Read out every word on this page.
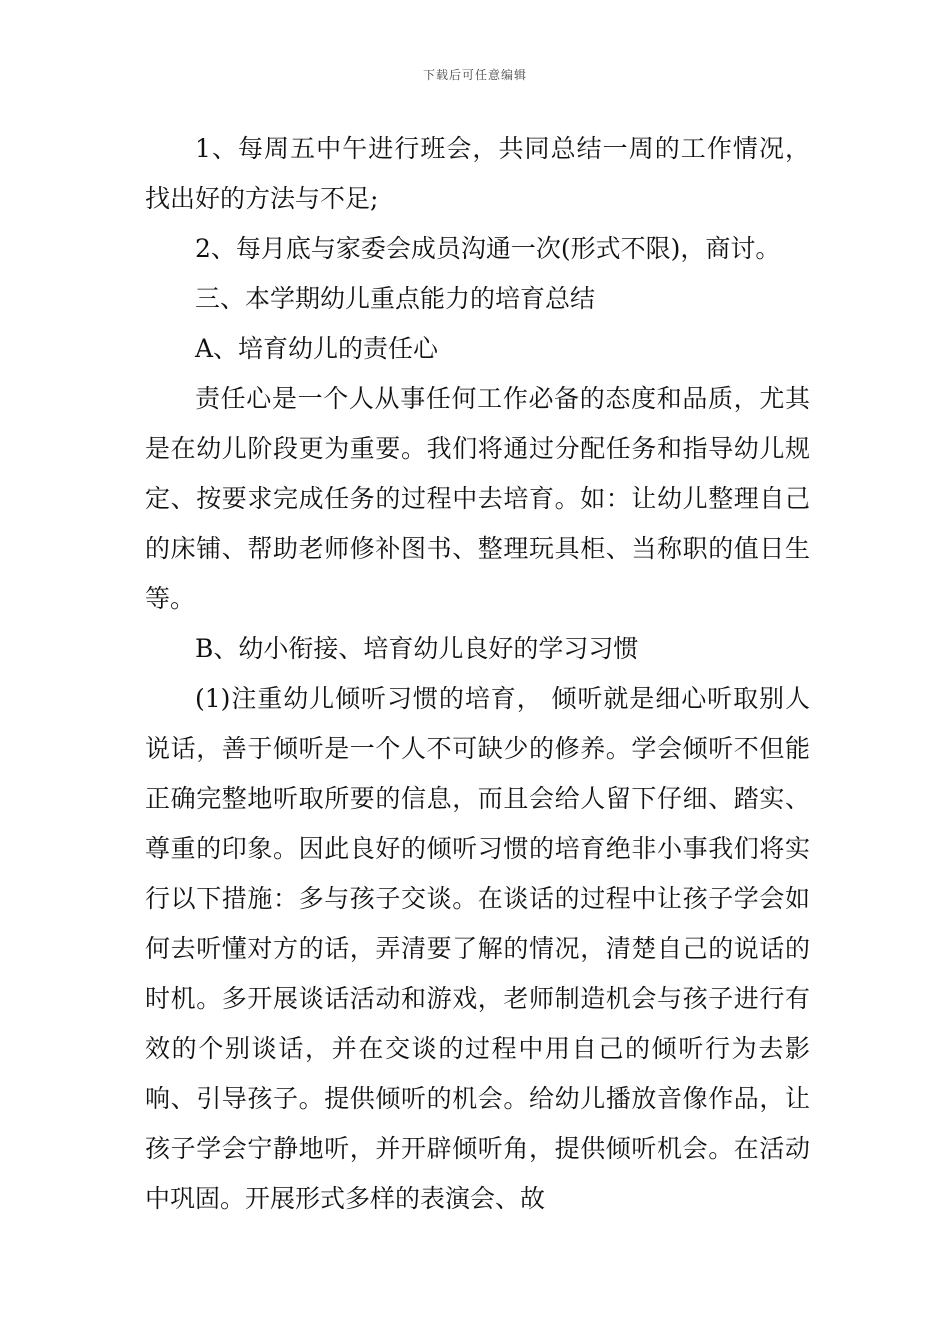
下载后可任意编辑

1、每周五中午进行班会，共同总结一周的工作情况，找出好的方法与不足;

2、每月底与家委会成员沟通一次(形式不限)，商讨。

三、本学期幼儿重点能力的培育总结

A、培育幼儿的责任心

责任心是一个人从事任何工作必备的态度和品质，尤其是在幼儿阶段更为重要。我们将通过分配任务和指导幼儿规定、按要求完成任务的过程中去培育。如：让幼儿整理自己的床铺、帮助老师修补图书、整理玩具柜、当称职的值日生等。

B、幼小衔接、培育幼儿良好的学习习惯

(1)注重幼儿倾听习惯的培育， 倾听就是细心听取别人说话，善于倾听是一个人不可缺少的修养。学会倾听不但能正确完整地听取所要的信息，而且会给人留下仔细、踏实、尊重的印象。因此良好的倾听习惯的培育绝非小事我们将实行以下措施：多与孩子交谈。在谈话的过程中让孩子学会如何去听懂对方的话，弄清要了解的情况，清楚自己的说话的时机。多开展谈话活动和游戏，老师制造机会与孩子进行有效的个别谈话，并在交谈的过程中用自己的倾听行为去影响、引导孩子。提供倾听的机会。给幼儿播放音像作品，让孩子学会宁静地听，并开辟倾听角，提供倾听机会。在活动中巩固。开展形式多样的表演会、故
